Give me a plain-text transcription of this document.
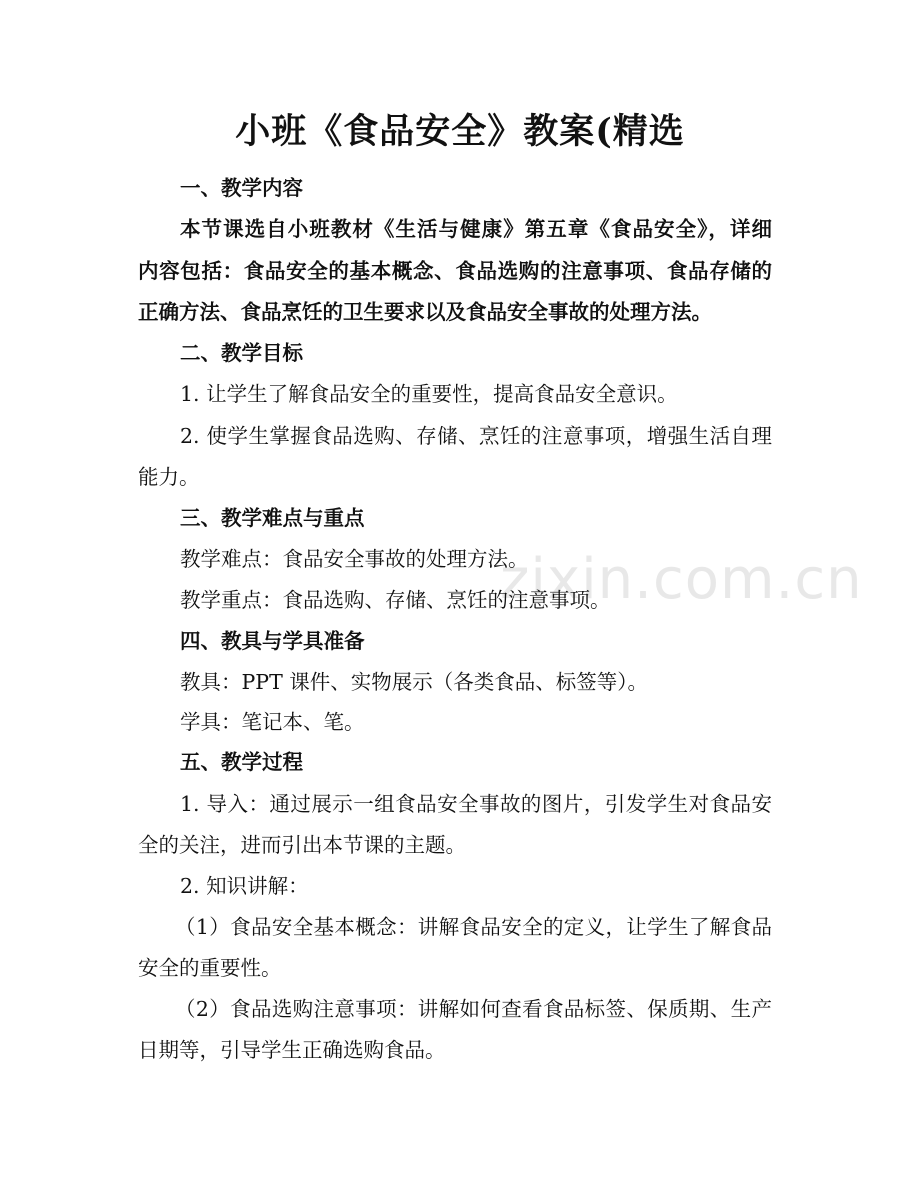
zixin.com.cn
小班《食品安全》教案(精选
一、教学内容
本节课选自小班教材《生活与健康》第五章《食品安全》，详细
内容包括：食品安全的基本概念、食品选购的注意事项、食品存储的
正确方法、食品烹饪的卫生要求以及食品安全事故的处理方法。
二、教学目标
1. 让学生了解食品安全的重要性，提高食品安全意识。
2. 使学生掌握食品选购、存储、烹饪的注意事项，增强生活自理
能力。
三、教学难点与重点
教学难点：食品安全事故的处理方法。
教学重点：食品选购、存储、烹饪的注意事项。
四、教具与学具准备
教具：PPT 课件、实物展示（各类食品、标签等）。
学具：笔记本、笔。
五、教学过程
1. 导入：通过展示一组食品安全事故的图片，引发学生对食品安
全的关注，进而引出本节课的主题。
2. 知识讲解：
（1）食品安全基本概念：讲解食品安全的定义，让学生了解食品
安全的重要性。
（2）食品选购注意事项：讲解如何查看食品标签、保质期、生产
日期等，引导学生正确选购食品。
